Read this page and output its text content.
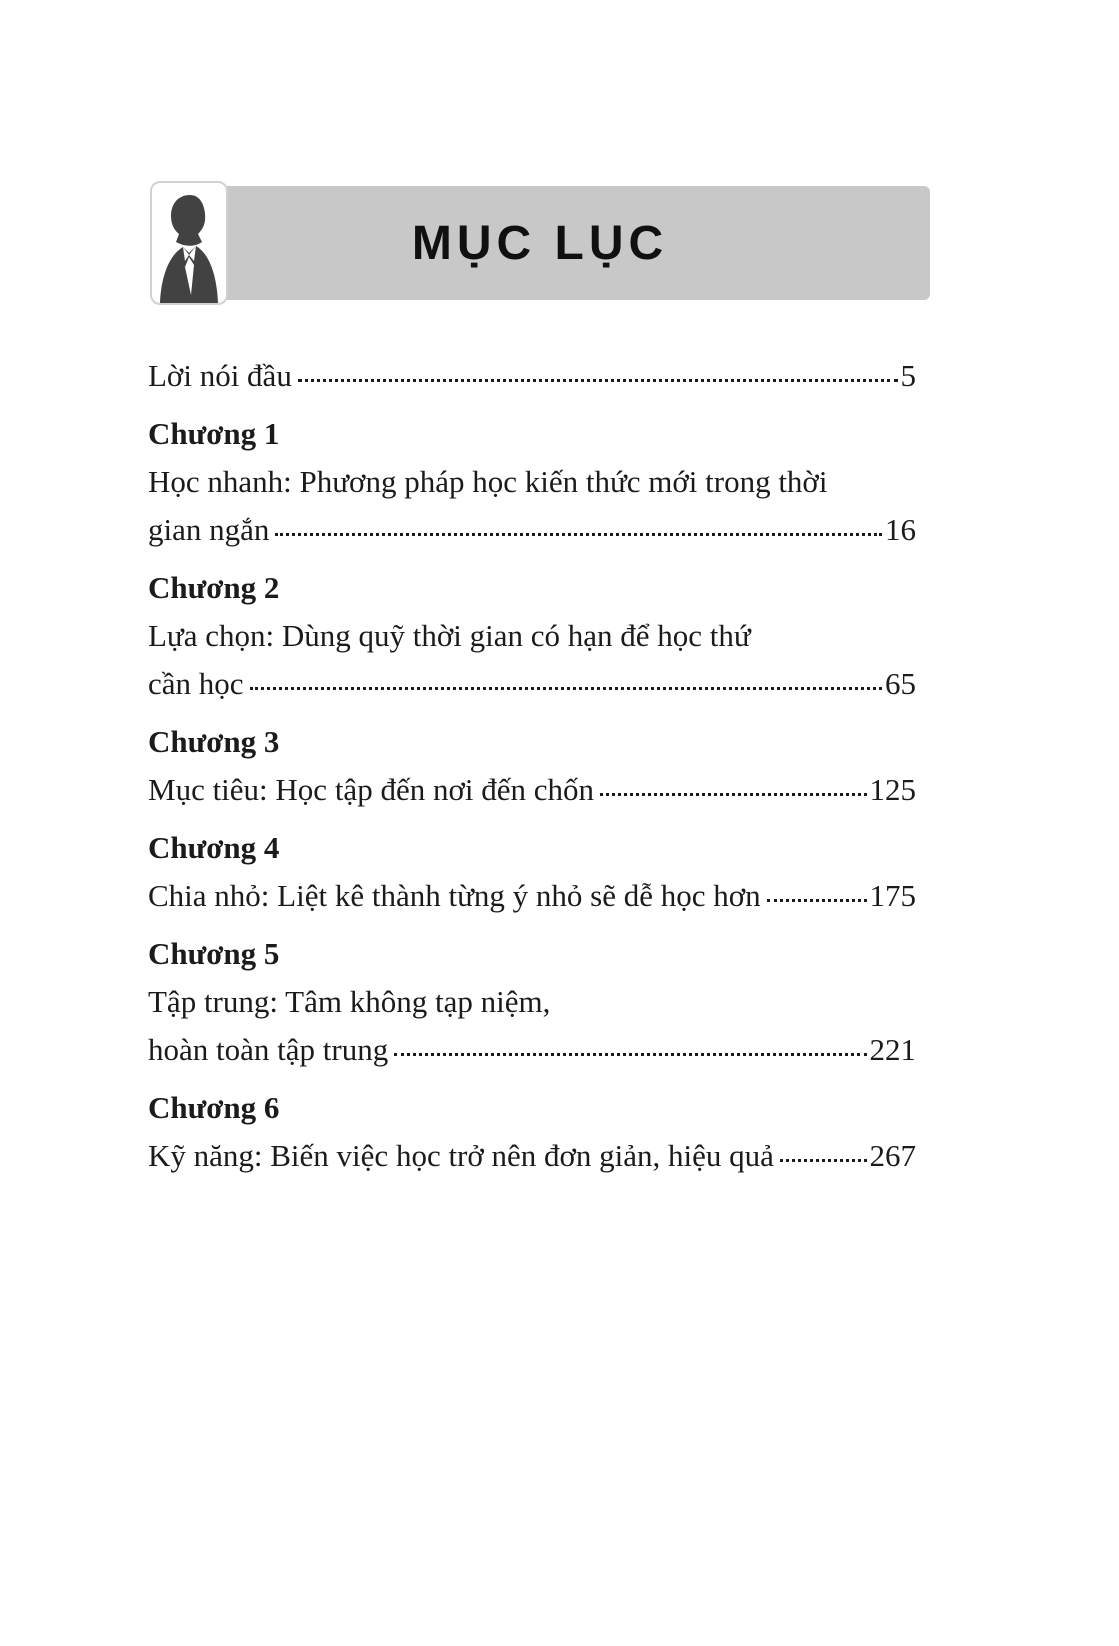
MỤC LỤC
Lời nói đầu	5
Chương 1
Học nhanh: Phương pháp học kiến thức mới trong thời
gian ngắn	16
Chương 2
Lựa chọn: Dùng quỹ thời gian có hạn để học thứ
cần học	65
Chương 3
Mục tiêu: Học tập đến nơi đến chốn	125
Chương 4
Chia nhỏ: Liệt kê thành từng ý nhỏ sẽ dễ học hơn	175
Chương 5
Tập trung: Tâm không tạp niệm,
hoàn toàn tập trung	221
Chương 6
Kỹ năng: Biến việc học trở nên đơn giản, hiệu quả	267
